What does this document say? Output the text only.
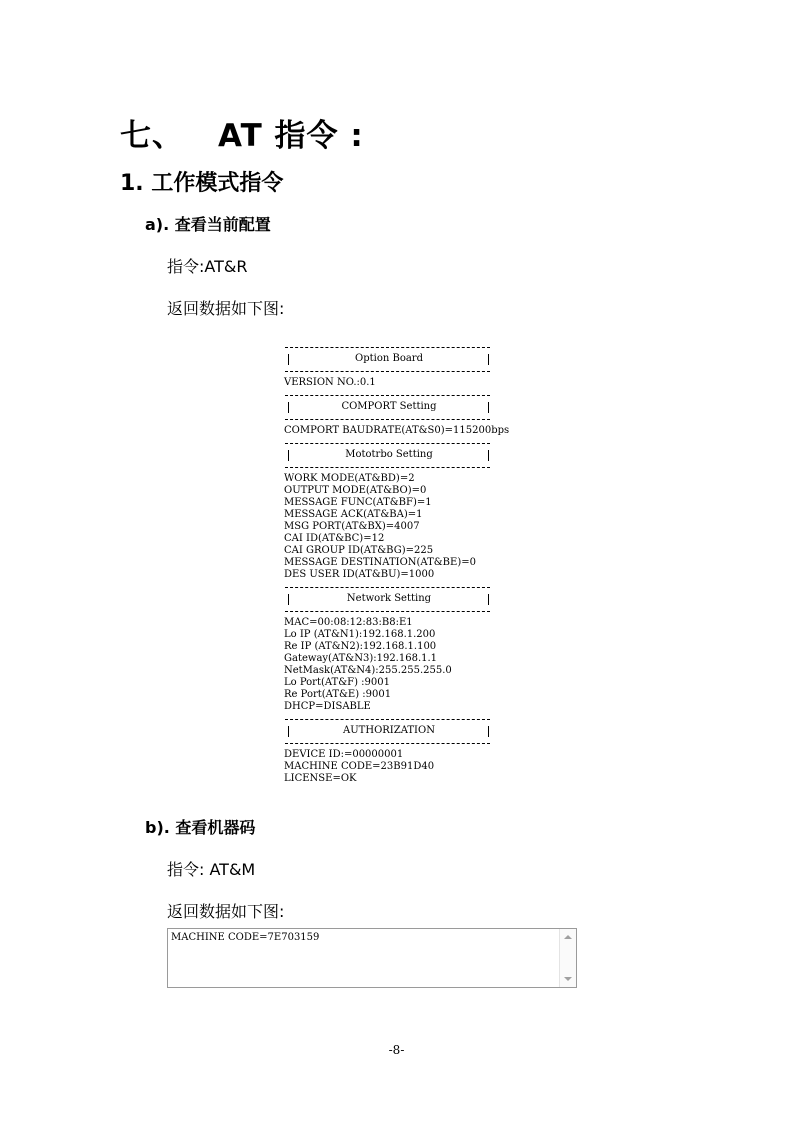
七、 AT 指令 :
1. 工作模式指令
a). 查看当前配置
指令:AT&R
返回数据如下图:
Option Board
VERSION NO.:0.1
COMPORT Setting
COMPORT BAUDRATE(AT&S0)=115200bps
Mototrbo Setting
WORK MODE(AT&BD)=2
OUTPUT MODE(AT&BO)=0
MESSAGE FUNC(AT&BF)=1
MESSAGE ACK(AT&BA)=1
MSG PORT(AT&BX)=4007
CAI ID(AT&BC)=12
CAI GROUP ID(AT&BG)=225
MESSAGE DESTINATION(AT&BE)=0
DES USER ID(AT&BU)=1000
Network Setting
MAC=00:08:12:83:B8:E1
Lo IP (AT&N1):192.168.1.200
Re IP (AT&N2):192.168.1.100
Gateway(AT&N3):192.168.1.1
NetMask(AT&N4):255.255.255.0
Lo Port(AT&F) :9001
Re Port(AT&E) :9001
DHCP=DISABLE
AUTHORIZATION
DEVICE ID:=00000001
MACHINE CODE=23B91D40
LICENSE=OK
b). 查看机器码
指令: AT&M
返回数据如下图:
MACHINE CODE=7E703159
-8-
